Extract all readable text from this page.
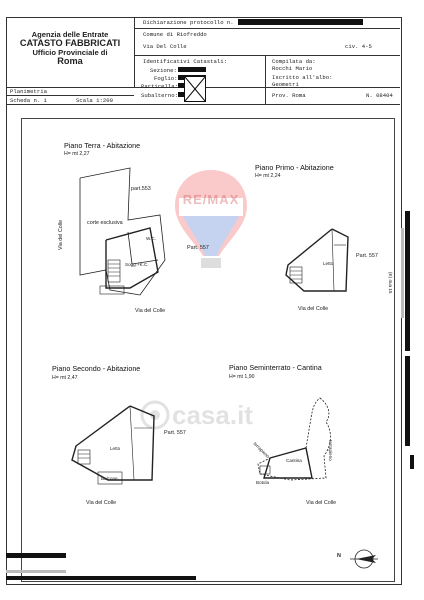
Agenzia delle Entrate
CATASTO FABBRICATI
Ufficio Provinciale di
Roma
Dichiarazione protocollo n.
Comune di Riofreddo
Via Del Colle	civ. 4-5
Identificativi Catastali:
Sezione:
Foglio:
Particella:
Subalterno:
Compilata da:
Rocchi Mario
Iscritto all'albo:
Geometri
Prov. Roma	N. 08404
Planimetria
Scheda n. 1	Scala 1:200
(E) 4ua 15
RE/MAX
casa.it
Piano Terra - Abitazione
H= mt 2,27
part.553
corte esclusiva
Via del Colle	Part. 557
Via del Colle
W.C.
Sogg.+K.C.
Piano Primo - Abitazione
H= mt 2,24
Letto
Part. 557
Via del Colle
Piano Secondo - Abitazione
H= mt 2,47
Letto
Balcone
Part. 557
Via del Colle
Piano Seminterrato - Cantina
H= mt 1,90
terrapieno	terrapieno
Cantina
Botola
Via del Colle
N
